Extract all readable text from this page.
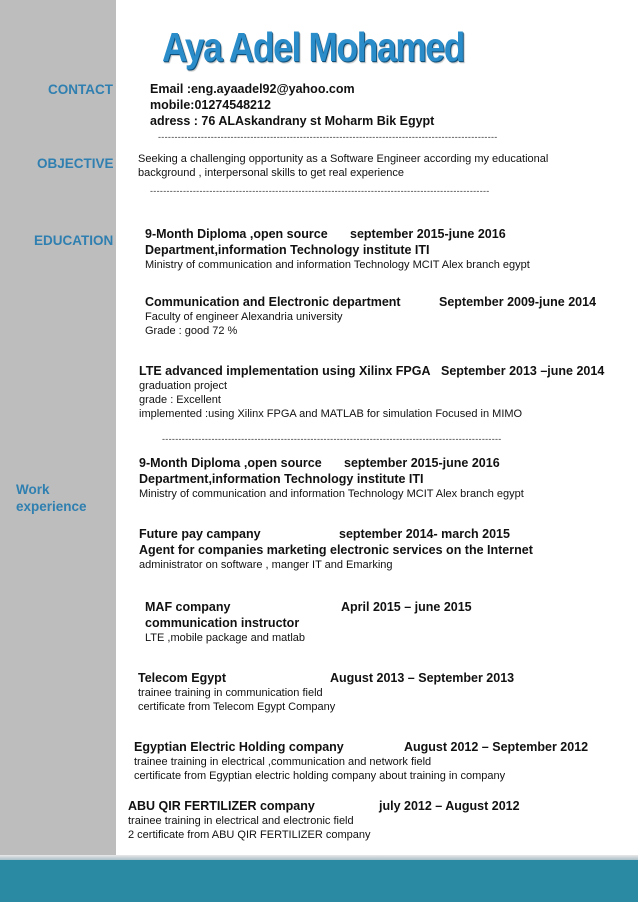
Aya Adel Mohamed
CONTACT
OBJECTIVE
EDUCATION
Work
experience
Email :eng.ayaadel92@yahoo.com
mobile:01274548212
adress : 76 ALAskandrany st Moharm Bik Egypt
-------------------------------------------------------------------------------------------------------
Seeking a challenging opportunity as a Software Engineer according my educational
background , interpersonal skills to get real experience
-------------------------------------------------------------------------------------------------------
9-Month Diploma ,open source september 2015-june 2016
Department,information Technology institute ITI
Ministry of communication and information Technology MCIT Alex branch egypt
Communication and Electronic department	September 2009-june 2014
Faculty of engineer Alexandria university
Grade : good 72 %
LTE advanced implementation using Xilinx FPGA September 2013 –june 2014
graduation project
grade : Excellent
implemented :using Xilinx FPGA and MATLAB for simulation Focused in MIMO
-------------------------------------------------------------------------------------------------------
9-Month Diploma ,open source september 2015-june 2016
Department,information Technology institute ITI
Ministry of communication and information Technology MCIT Alex branch egypt
Future pay campany	september 2014- march 2015
Agent for companies marketing electronic services on the Internet
administrator on software , manger IT and Emarking
MAF company	April 2015 – june 2015
communication instructor
LTE ,mobile package and matlab
Telecom Egypt	August 2013 – September 2013
trainee training in communication field
certificate from Telecom Egypt Company
Egyptian Electric Holding company	August 2012 – September 2012
trainee training in electrical ,communication and network field
certificate from Egyptian electric holding company about training in company
ABU QIR FERTILIZER company	july 2012 – August 2012
trainee training in electrical and electronic field
2 certificate from ABU QIR FERTILIZER company
